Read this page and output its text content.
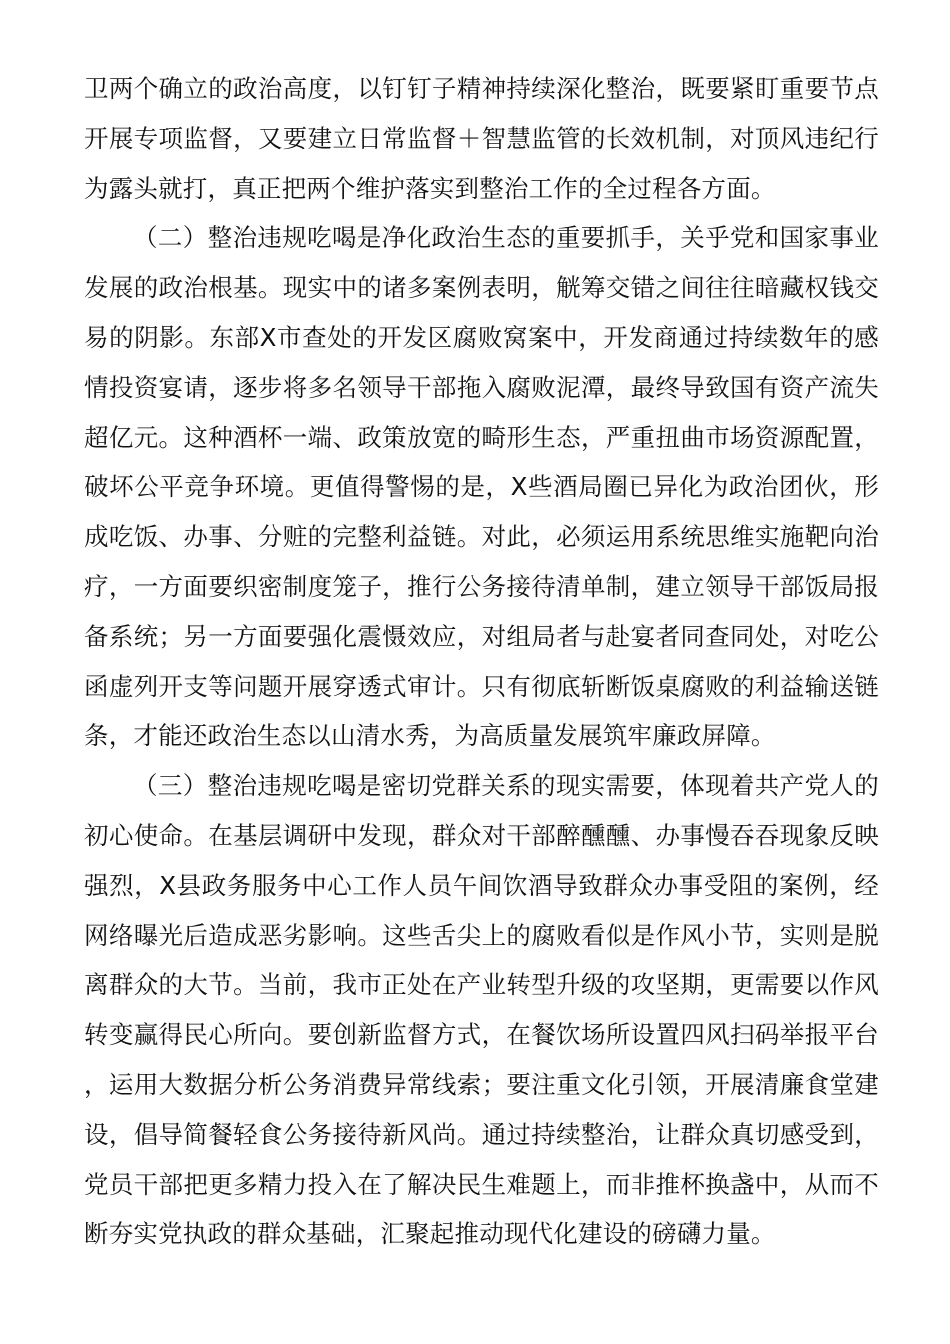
卫两个确立的政治高度，以钉钉子精神持续深化整治，既要紧盯重要节点开展专项监督，又要建立日常监督＋智慧监管的长效机制，对顶风违纪行为露头就打，真正把两个维护落实到整治工作的全过程各方面。

（二）整治违规吃喝是净化政治生态的重要抓手，关乎党和国家事业发展的政治根基。现实中的诸多案例表明，觥筹交错之间往往暗藏权钱交易的阴影。东部X市查处的开发区腐败窝案中，开发商通过持续数年的感情投资宴请，逐步将多名领导干部拖入腐败泥潭，最终导致国有资产流失超亿元。这种酒杯一端、政策放宽的畸形生态，严重扭曲市场资源配置，破坏公平竞争环境。更值得警惕的是，X些酒局圈已异化为政治团伙，形成吃饭、办事、分赃的完整利益链。对此，必须运用系统思维实施靶向治疗，一方面要织密制度笼子，推行公务接待清单制，建立领导干部饭局报备系统；另一方面要强化震慑效应，对组局者与赴宴者同查同处，对吃公函虚列开支等问题开展穿透式审计。只有彻底斩断饭桌腐败的利益输送链条，才能还政治生态以山清水秀，为高质量发展筑牢廉政屏障。

（三）整治违规吃喝是密切党群关系的现实需要，体现着共产党人的初心使命。在基层调研中发现，群众对干部醉醺醺、办事慢吞吞现象反映强烈，X县政务服务中心工作人员午间饮酒导致群众办事受阻的案例，经网络曝光后造成恶劣影响。这些舌尖上的腐败看似是作风小节，实则是脱离群众的大节。当前，我市正处在产业转型升级的攻坚期，更需要以作风转变赢得民心所向。要创新监督方式，在餐饮场所设置四风扫码举报平台，运用大数据分析公务消费异常线索；要注重文化引领，开展清廉食堂建设，倡导简餐轻食公务接待新风尚。通过持续整治，让群众真切感受到，党员干部把更多精力投入在了解决民生难题上，而非推杯换盏中，从而不断夯实党执政的群众基础，汇聚起推动现代化建设的磅礴力量。
